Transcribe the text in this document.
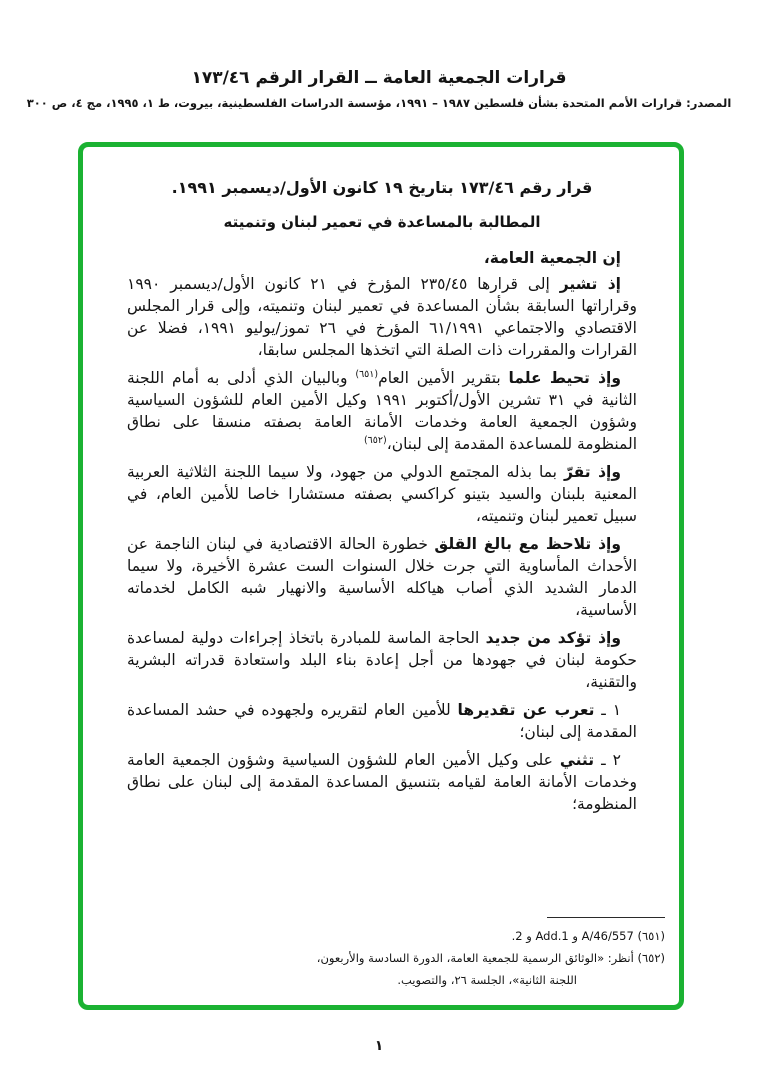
قرارات الجمعية العامة ــ القرار الرقم ١٧٣/٤٦
المصدر: قرارات الأمم المتحدة بشأن فلسطين ١٩٨٧ – ١٩٩١، مؤسسة الدراسات الفلسطينية، بيروت، ط ١، ١٩٩٥، مج ٤، ص ٣٠٠
قرار رقم ١٧٣/٤٦ بتاريخ ١٩ كانون الأول/ديسمبر ١٩٩١.
المطالبة بالمساعدة في تعمير لبنان وتنميته

إن الجمعية العامة،

إذ تشير إلى قرارها ٢٣٥/٤٥ المؤرخ في ٢١ كانون الأول/ديسمبر ١٩٩٠ وقراراتها السابقة بشأن المساعدة في تعمير لبنان وتنميته، وإلى قرار المجلس الاقتصادي والاجتماعي ٦١/١٩٩١ المؤرخ في ٢٦ تموز/يوليو ١٩٩١، فضلا عن القرارات والمقررات ذات الصلة التي اتخذها المجلس سابقا،

وإذ تحيط علما بتقرير الأمين العام$^{(٦٥١)}$ وبالبيان الذي أدلى به أمام اللجنة الثانية في ٣١ تشرين الأول/أكتوبر ١٩٩١ وكيل الأمين العام للشؤون السياسية وشؤون الجمعية العامة وخدمات الأمانة العامة بصفته منسقا على نطاق المنظومة للمساعدة المقدمة إلى لبنان،$^{(٦٥٢)}$

وإذ تقرّ بما بذله المجتمع الدولي من جهود، ولا سيما اللجنة الثلاثية العربية المعنية بلبنان والسيد بتينو كراكسي بصفته مستشارا خاصا للأمين العام، في سبيل تعمير لبنان وتنميته،

وإذ تلاحظ مع بالغ القلق خطورة الحالة الاقتصادية في لبنان الناجمة عن الأحداث المأساوية التي جرت خلال السنوات الست عشرة الأخيرة، ولا سيما الدمار الشديد الذي أصاب هياكله الأساسية والانهيار شبه الكامل لخدماته الأساسية،

وإذ تؤكد من جديد الحاجة الماسة للمبادرة باتخاذ إجراءات دولية لمساعدة حكومة لبنان في جهودها من أجل إعادة بناء البلد واستعادة قدراته البشرية والتقنية،

١ ـ تعرب عن تقديرها للأمين العام لتقريره ولجهوده في حشد المساعدة المقدمة إلى لبنان؛

٢ ـ تثني على وكيل الأمين العام للشؤون السياسية وشؤون الجمعية العامة وخدمات الأمانة العامة لقيامه بتنسيق المساعدة المقدمة إلى لبنان على نطاق المنظومة؛

(٦٥١) A/46/557 و Add.1 و 2.

(٦٥٢) أنظر: «الوثائق الرسمية للجمعية العامة، الدورة السادسة والأربعون،

اللجنة الثانية»، الجلسة ٢٦، والتصويب.

١
